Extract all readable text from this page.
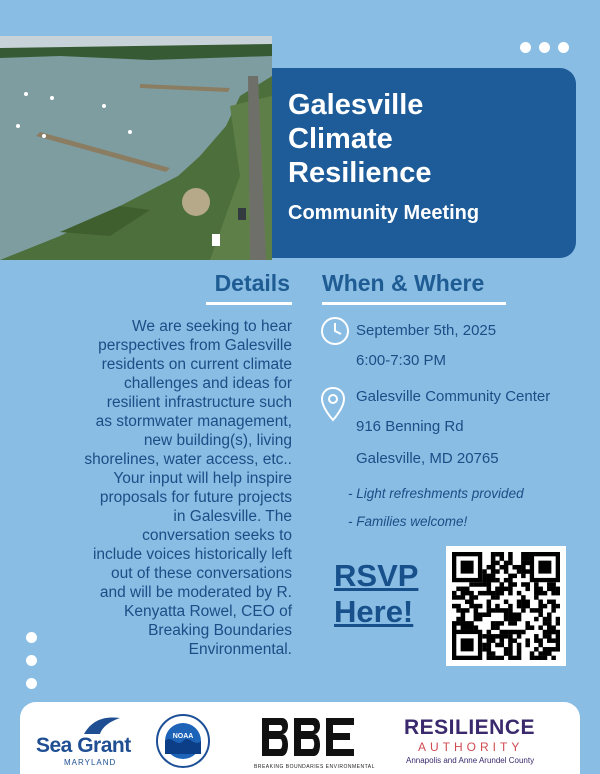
Galesville
Climate
Resilience
Community Meeting
Details When & Where
We are seeking to hear
perspectives from Galesville
residents on current climate
challenges and ideas for
resilient infrastructure such
as stormwater management,
new building(s), living
shorelines, water access, etc..
Your input will help inspire
proposals for future projects
in Galesville. The
conversation seeks to
include voices historically left
out of these conversations
and will be moderated by R.
Kenyatta Rowel, CEO of
Breaking Boundaries
Environmental.
September 5th, 2025
6:00-7:30 PM
Galesville Community Center
916 Benning Rd
Galesville, MD 20765
- Light refreshments provided
- Families welcome!
RSVP
Here!
Sea Grant
MARYLAND
NOAA
BREAKING BOUNDARIES ENVIRONMENTAL
RESILIENCE
AUTHORITY
Annapolis and Anne Arundel County
